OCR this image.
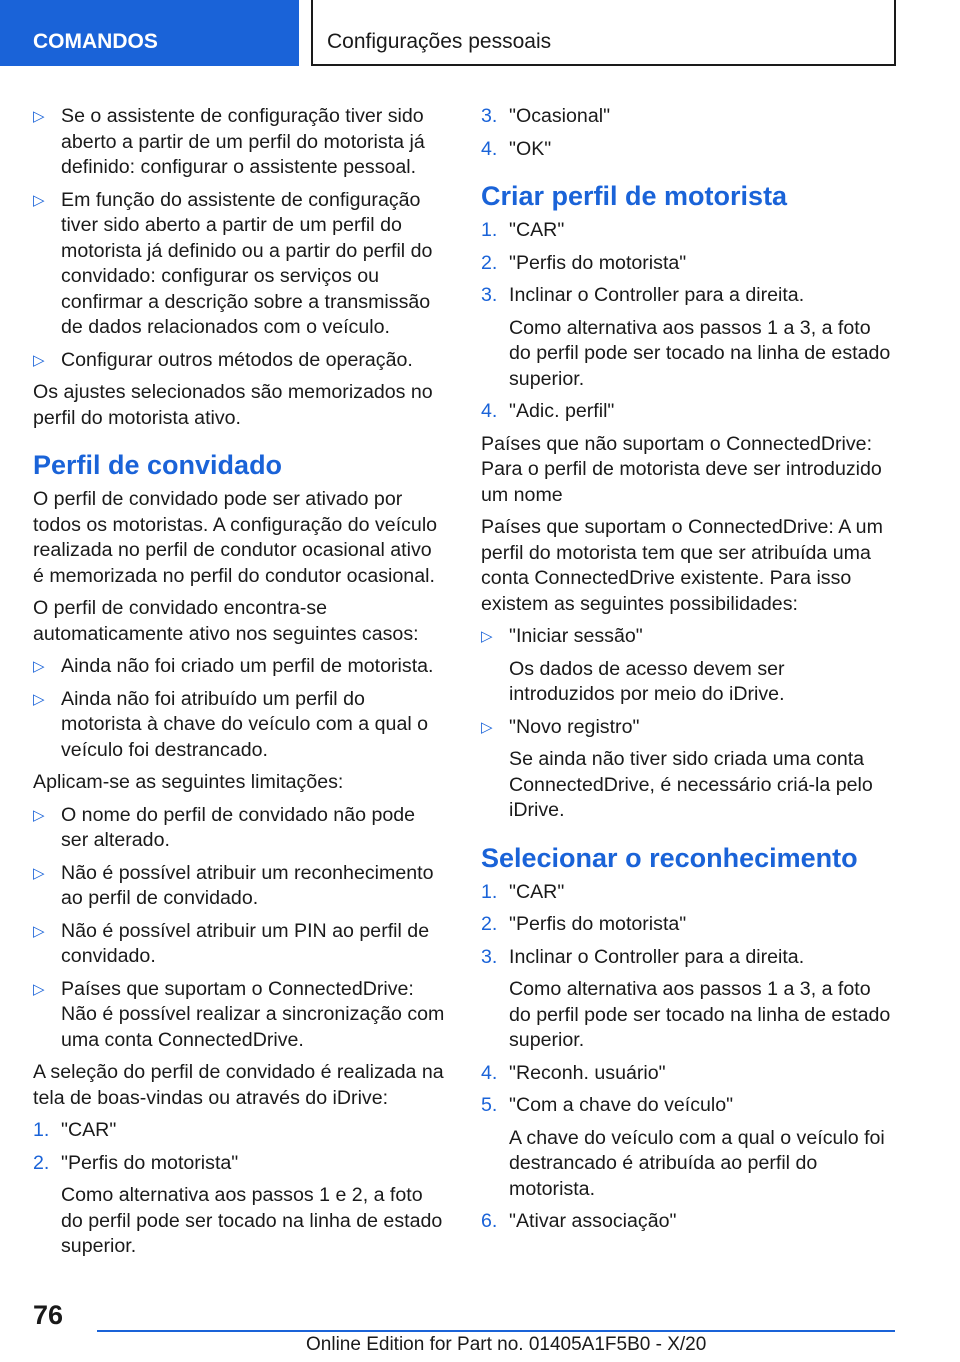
COMANDOS	Configurações pessoais
▷ Se o assistente de configuração tiver sido aberto a partir de um perfil do motorista já definido: configurar o assistente pessoal.
▷ Em função do assistente de configuração tiver sido aberto a partir de um perfil do motorista já definido ou a partir do perfil do convidado: configurar os serviços ou confirmar a descrição sobre a transmissão de dados relacionados com o veículo.
▷ Configurar outros métodos de operação.

Os ajustes selecionados são memorizados no perfil do motorista ativo.

Perfil de convidado

O perfil de convidado pode ser ativado por todos os motoristas. A configuração do veículo realizada no perfil de condutor ocasional ativo é memorizada no perfil do condutor ocasional.

O perfil de convidado encontra-se automaticamente ativo nos seguintes casos:

▷ Ainda não foi criado um perfil de motorista.
▷ Ainda não foi atribuído um perfil do motorista à chave do veículo com a qual o veículo foi destrancado.

Aplicam-se as seguintes limitações:

▷ O nome do perfil de convidado não pode ser alterado.
▷ Não é possível atribuir um reconhecimento ao perfil de convidado.
▷ Não é possível atribuir um PIN ao perfil de convidado.
▷ Países que suportam o ConnectedDrive: Não é possível realizar a sincronização com uma conta ConnectedDrive.

A seleção do perfil de convidado é realizada na tela de boas-vindas ou através do iDrive:

1. "CAR"
2. "Perfis do motorista"
Como alternativa aos passos 1 e 2, a foto do perfil pode ser tocado na linha de estado superior.
3. "Ocasional"
4. "OK"
Criar perfil de motorista
1. "CAR"
2. "Perfis do motorista"
3. Inclinar o Controller para a direita.
Como alternativa aos passos 1 a 3, a foto do perfil pode ser tocado na linha de estado superior.
4. "Adic. perfil"

Países que não suportam o ConnectedDrive: Para o perfil de motorista deve ser introduzido um nome

Países que suportam o ConnectedDrive: A um perfil do motorista tem que ser atribuída uma conta ConnectedDrive existente. Para isso existem as seguintes possibilidades:

▷ "Iniciar sessão"
Os dados de acesso devem ser introduzidos por meio do iDrive.
▷ "Novo registro"
Se ainda não tiver sido criada uma conta ConnectedDrive, é necessário criá-la pelo iDrive.
Selecionar o reconhecimento
1. "CAR"
2. "Perfis do motorista"
3. Inclinar o Controller para a direita.
Como alternativa aos passos 1 a 3, a foto do perfil pode ser tocado na linha de estado superior.
4. "Reconh. usuário"
5. "Com a chave do veículo"
A chave do veículo com a qual o veículo foi destrancado é atribuída ao perfil do motorista.
6. "Ativar associação"
76
Online Edition for Part no. 01405A1F5B0 - X/20
